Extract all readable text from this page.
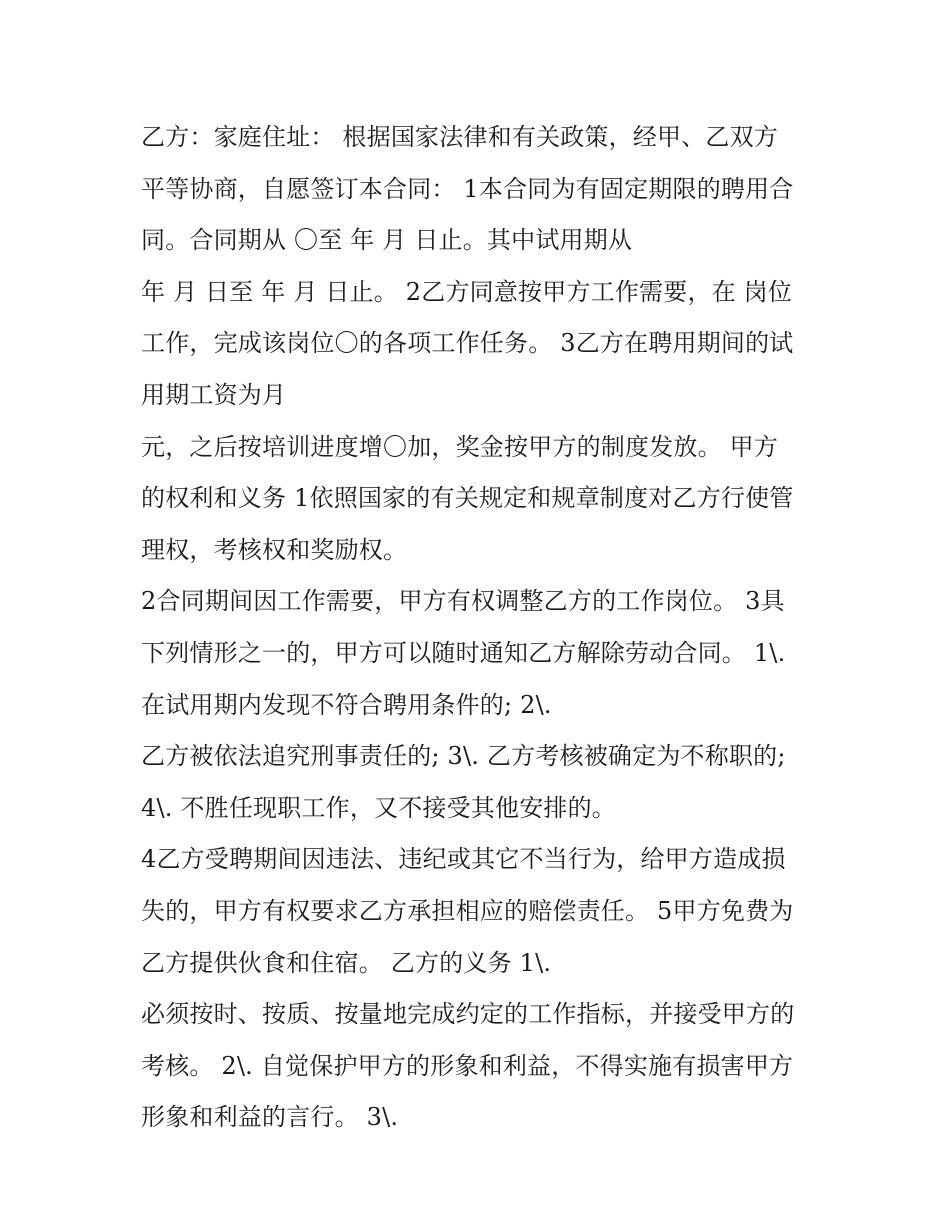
乙方：家庭住址： 根据国家法律和有关政策，经甲、乙双方
平等协商，自愿签订本合同： 1本合同为有固定期限的聘用合
同。合同期从 〇至 年 月 日止。其中试用期从
年 月 日至 年 月 日止。 2乙方同意按甲方工作需要，在 岗位
工作，完成该岗位〇的各项工作任务。 3乙方在聘用期间的试
用期工资为月
元，之后按培训进度增〇加，奖金按甲方的制度发放。 甲方
的权利和义务 1依照国家的有关规定和规章制度对乙方行使管
理权，考核权和奖励权。
2合同期间因工作需要，甲方有权调整乙方的工作岗位。 3具
下列情形之一的，甲方可以随时通知乙方解除劳动合同。 1\.
在试用期内发现不符合聘用条件的; 2\.
乙方被依法追究刑事责任的; 3\. 乙方考核被确定为不称职的;
4\. 不胜任现职工作，又不接受其他安排的。
4乙方受聘期间因违法、违纪或其它不当行为，给甲方造成损
失的，甲方有权要求乙方承担相应的赔偿责任。 5甲方免费为
乙方提供伙食和住宿。 乙方的义务 1\.
必须按时、按质、按量地完成约定的工作指标，并接受甲方的
考核。 2\. 自觉保护甲方的形象和利益，不得实施有损害甲方
形象和利益的言行。 3\.
